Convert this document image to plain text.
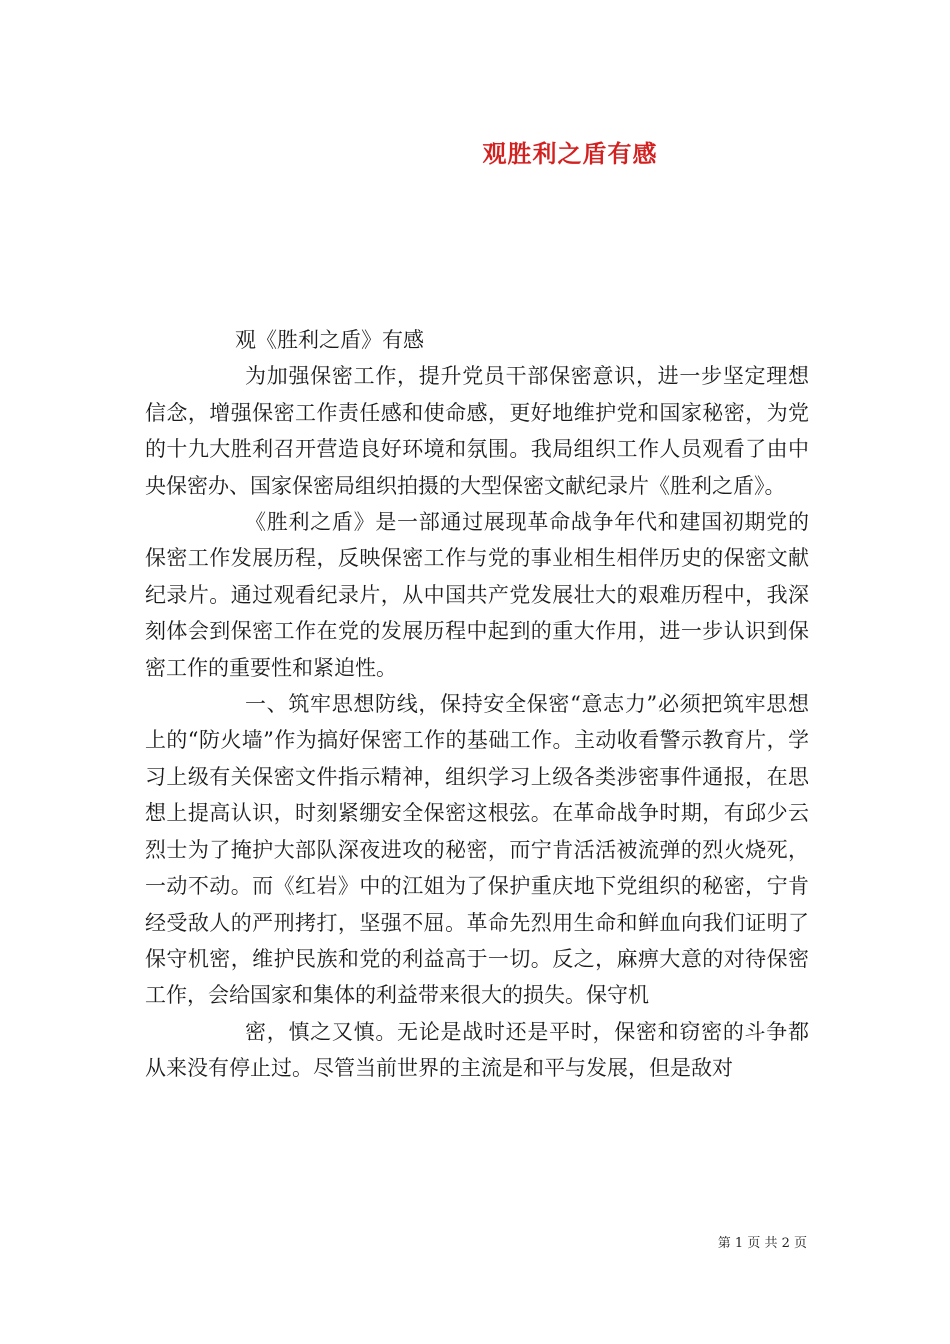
观胜利之盾有感

观《胜利之盾》有感

为加强保密工作，提升党员干部保密意识，进一步坚定理想信念，增强保密工作责任感和使命感，更好地维护党和国家秘密，为党的十九大胜利召开营造良好环境和氛围。我局组织工作人员观看了由中央保密办、国家保密局组织拍摄的大型保密文献纪录片《胜利之盾》。

《胜利之盾》是一部通过展现革命战争年代和建国初期党的保密工作发展历程，反映保密工作与党的事业相生相伴历史的保密文献纪录片。通过观看纪录片，从中国共产党发展壮大的艰难历程中，我深刻体会到保密工作在党的发展历程中起到的重大作用，进一步认识到保密工作的重要性和紧迫性。

一、筑牢思想防线，保持安全保密“意志力”必须把筑牢思想上的“防火墙”作为搞好保密工作的基础工作。主动收看警示教育片，学习上级有关保密文件指示精神，组织学习上级各类涉密事件通报，在思想上提高认识，时刻紧绷安全保密这根弦。在革命战争时期，有邱少云烈士为了掩护大部队深夜进攻的秘密，而宁肯活活被流弹的烈火烧死，一动不动。而《红岩》中的江姐为了保护重庆地下党组织的秘密，宁肯经受敌人的严刑拷打，坚强不屈。革命先烈用生命和鲜血向我们证明了保守机密，维护民族和党的利益高于一切。反之，麻痹大意的对待保密工作，会给国家和集体的利益带来很大的损失。保守机

密，慎之又慎。无论是战时还是平时，保密和窃密的斗争都从来没有停止过。尽管当前世界的主流是和平与发展，但是敌对

第 1 页 共 2 页
